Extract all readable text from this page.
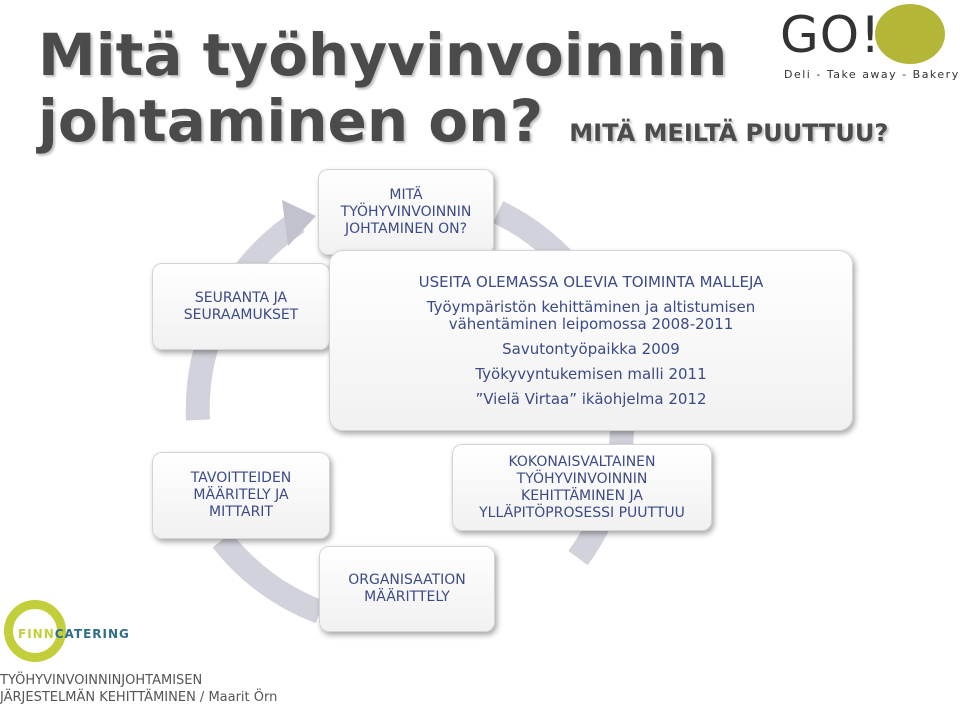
Mitä työhyvinvoinnin
johtaminen on? MITÄ MEILTÄ PUUTTUU?
GO!
Deli - Take away - Bakery
MITÄ
TYÖHYVINVOINNIN
JOHTAMINEN ON?
SEURANTA JA
SEURAAMUKSET
USEITA OLEMASSA OLEVIA TOIMINTA MALLEJA
Työympäristön kehittäminen ja altistumisen
vähentäminen leipomossa 2008-2011
Savutontyöpaikka 2009
Työkyvyntukemisen malli 2011
”Vielä Virtaa” ikäohjelma 2012
TAVOITTEIDEN
MÄÄRITELY JA
MITTARIT
KOKONAISVALTAINEN
TYÖHYVINVOINNIN
KEHITTÄMINEN JA
YLLÄPITÖPROSESSI PUUTTUU
ORGANISAATION
MÄÄRITTELY
FINNCATERING
TYÖHYVINVOINNINJOHTAMISEN
JÄRJESTELMÄN KEHITTÄMINEN / Maarit Örn
